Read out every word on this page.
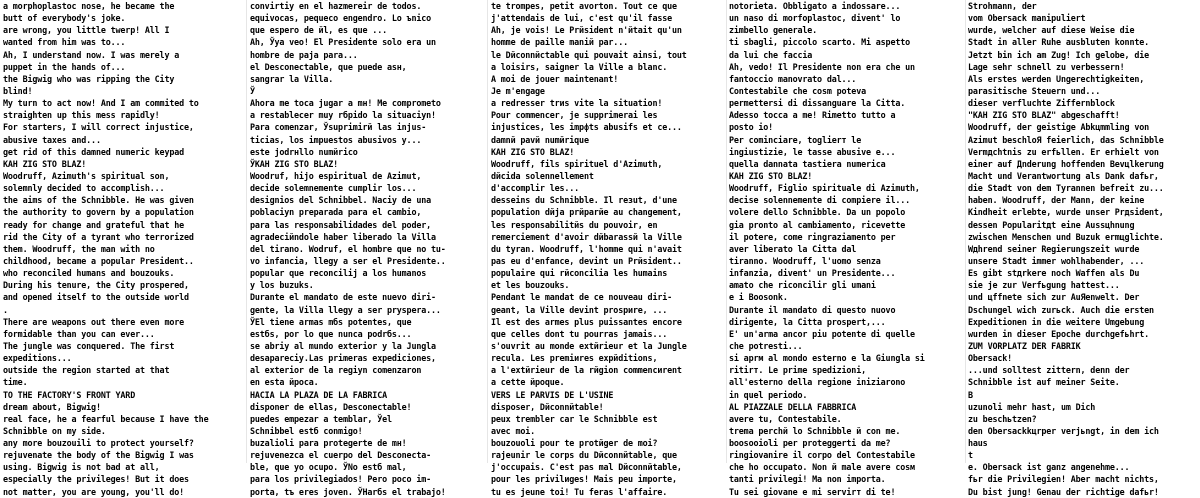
a morphoplastoc nose, he became the
butt of everybody's joke.
are wrong, you little twerp! All I
wanted from him was to...
Ah, I understand now. I was merely a
puppet in the hands of...
the Bigwig who was ripping the City
blind!
My turn to act now! And I am commited to
straighten up this mess rapidly!
For starters, I will correct injustice,
abusive taxes and...
get rid of this damned numeric keypad
KAH ZIG STO BLAZ!
Woodruff, Azimuth's spiritual son,
solemnly decided to accomplish...
the aims of the Schnibble. He was given
the authority to govern by a population
ready for change and grateful that he
rid the City of a tyrant who terrorized
them. Woodruff, the man with no
childhood, became a popular President..
who reconciled humans and bouzouks.
During his tenure, the City prospered,
and opened itself to the outside world
.
There are weapons out there even more
formidable than you can ever...
The jungle was conquered. The first
expeditions...
outside the region started at that
time.
TO THE FACTORY'S FRONT YARD
dream about, Bigwig!
real face, he a fearful because I have the
Schnibble on my side.
any more bouzouili to protect yourself?
rejuvenate the body of the Bigwig I was
using. Bigwig is not bad at all,
especially the privileges! But it does
not matter, you are young, you'll do!
convirtiy en el hazmereir de todos.
equivocas, pequeco engendro. Lo ъnico
que espero de йl, es que ...
Ah, Ўya veo! El Presidente solo era un
hombre de paja para...
el Desconectable, que puede asн,
sangrar la Villa.
Ў
Ahora me toca jugar a mн! Me comprometo
a restablecer muy rбpido la situaciуn!
Para comenzar, Ўsuprimirй las injus-
ticias, los impuestos abusivos y...
este jodrнllo numйrico
ЎKAH ZIG STO BLAZ!
Woodruf, hijo espiritual de Azimut,
decide solemnemente cumplir los...
designios del Schnibbel. Naciу de una
poblaciуn preparada para el cambio,
para las responsabilidades del poder,
agradeciйndole haber liberado la Villa
del tirano. Wodruf, el hombre que no tu-
vo infancia, llegу a ser el Presidente..
popular que reconcilij a los humanos
y los buzuks.
Durante el mandato de este nuevo diri-
gente, la Villa llegу a ser pryspera...
ЎEl tiene armas mбs potentes, que
estбs, por lo que nunca podrбs...
se abriу al mundo exterior y la Jungla
desapareciу.Las primeras expediciones,
al exterior de la regiуn comenzaron
en esta йpoca.
HACIA LA PLAZA DE LA FABRICA
disponer de ellas, Desconectable!
puedes empezar a temblar, Ўel
Schnibbel estб conmigo!
buzalioli para protegerte de mн!
rejuvenezca el cuerpo del Desconecta-
ble, que yo ocupo. ЎNo estб mal,
para los privilegiados! Pero poco im-
porta, tъ eres joven. ЎHarбs el trabajo!
te trompes, petit avorton. Tout ce que
j'attendais de lui, c'est qu'il fasse
Ah, je vois! Le Prйsident n'йtait qu'un
homme de paille maniй par...
le Dйconnйctable qui pouvait ainsi, tout
a loisirs, saigner la Ville a blanc.
A moi de jouer maintenant!
Je m'engage
a redresser trиs vite la situation!
Pour commencer, je supprimerai les
injustices, les impфts abusifs et ce...
damnй pavй numйrique
KAH ZIG STO BLAZ!
Woodruff, fils spirituel d'Azimuth,
dйcida solennellement
d'accomplir les...
desseins du Schnibble. Il reзut, d'une
population dйjа prйparйe au changement,
les responsabilitйs du pouvoir, en
remerciement d'avoir dйbarassй la Ville
du tyran. Woodruff, l'homme qui n'avait
pas eu d'enfance, devint un Prйsident..
populaire qui rйconcilia les humains
et les bouzouks.
Pendant le mandat de ce nouveau diri-
geant, la Ville devint prospиre, ...
Il est des armes plus puissantes encore
que celles dont tu pourras jamais...
s'ouvrit au monde extйrieur et la Jungle
recula. Les premiиres expйditions,
a l'extйrieur de la rйgion commencиrent
a cette йpoque.
VERS LE PARVIS DE L'USINE
disposer, Dйconnйtable!
peux trembler car le Schnibble est
avec moi.
bouzouoli pour te protйger de moi?
rajeunir le corps du Dйconnйtable, que
j'occupais. C'est pas mal Dйconnйtable,
pour les privilиges! Mais peu importe,
tu es jeune toi! Tu feras l'affaire.
notorieta. Obbligato a indossare...
un naso di morfoplastoc, divent' lo
zimbello generale.
ti sbagli, piccolo scarto. Mi aspetto
da lui che faccia
Ah, vedo! Il Presidente non era che un
fantoccio manovrato dal...
Contestabile che cosm poteva
permettersi di dissanguare la Citta.
Adesso tocca a me! Rimetto tutto a
posto io!
Per cominciare, toglierт le
ingiustizie, le tasse abusive e...
quella dannata tastiera numerica
KAH ZIG STO BLAZ!
Woodruff, Figlio spirituale di Azimuth,
decise solennemente di compiere il...
volere dello Schnibble. Da un popolo
gia pronto al cambiamento, ricevette
il potere, come ringraziamento per
aver liberato la Citta dal
tiranno. Woodruff, l'uomo senza
infanzia, divent' un Presidente...
amato che riconcilir gli umani
e i Boosonk.
Durante il mandato di questo nuovo
dirigente, la Citta prospert,...
E' un'arma ancor piu potente di quelle
che potresti...
si aprм al mondo esterno e la Giungla si
ritirт. Le prime spedizioni,
all'esterno della regione iniziarono
in quel periodo.
AL PIAZZALE DELLA FABBRICA
avere tu, Contestabile.
trema perchй lo Schnibble й con me.
boosooioli per proteggerti da me?
ringiovanire il corpo del Contestabile
che ho occupato. Non й male avere cosм
tanti privilegi! Ma non importa.
Tu sei giovane e mi servirт di te!
Strohmann, der
vom Obersack manipuliert
wurde, welcher auf diese Weise die
Stadt in aller Ruhe ausbluten konnte.
Jetzt bin ich am Zug! Ich gelobe, die
Lage sehr schnell zu verbessern!
Als erstes werden Ungerechtigkeiten,
parasitische Steuern und...
dieser verfluchte Ziffernblock
"KAH ZIG STO BLAZ" abgeschafft!
Woodruff, der geistige Abkцmmling von
Azimut beschloЯ feierlich, das Schnibble
Vermдchtnis zu erfьllen. Er erhielt von
einer auf Дnderung hoffenden Bevцlkerung
Macht und Verantwortung als Dank dafьr,
die Stadt von dem Tyrannen befreit zu...
haben. Woodruff, der Mann, der keine
Kindheit erlebte, wurde unser Prдsident,
dessen Popularitдt eine Aussцhnung
zwischen Menschen und Buzuk ermцglichte.
Wдhrend seiner Regierungszeit wurde
unsere Stadt immer wohlhabender, ...
Es gibt stдrkere noch Waffen als Du
sie je zur Verfьgung hattest...
und цffnete sich zur AuЯenwelt. Der
Dschungel wich zurьck. Auch die ersten
Expeditionen in die weitere Umgebung
wurden in dieser Epoche durchgefьhrt.
ZUM VORPLATZ DER FABRIK
Obersack!
...und solltest zittern, denn der
Schnibble ist auf meiner Seite.
B
uzunoli mehr hast, um Dich
zu beschьtzen?
den Obersackkцrper verjьngt, in dem ich
haus
t
e. Obersack ist ganz angenehme...
fьr die Privilegien! Aber macht nichts,
Du bist jung! Genau der richtige dafьr!
